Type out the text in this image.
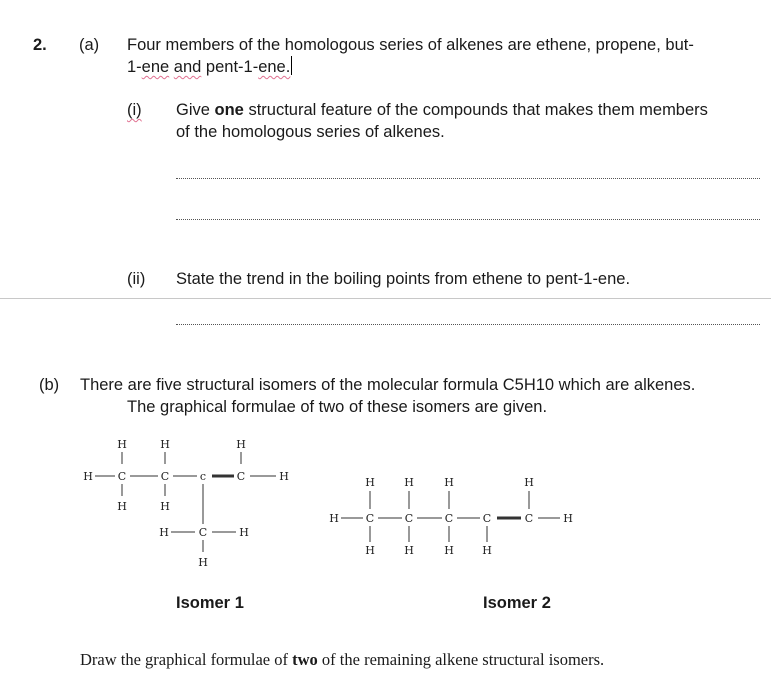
2. (a) Four members of the homologous series of alkenes are ethene, propene, but-
1-ene and pent-1-ene.
(i) Give one structural feature of the compounds that makes them members
of the homologous series of alkenes.
(ii) State the trend in the boiling points from ethene to pent-1-ene.
(b) There are five structural isomers of the molecular formula C5H10 which are alkenes.
The graphical formulae of two of these isomers are given.
H	H	H
H C	C	c	C	H
H	H
H	C	H
H
H	H	H	H
H C	C	C	C	C	H
H	H	H	H
Isomer 1	Isomer 2
Draw the graphical formulae of two of the remaining alkene structural isomers.
